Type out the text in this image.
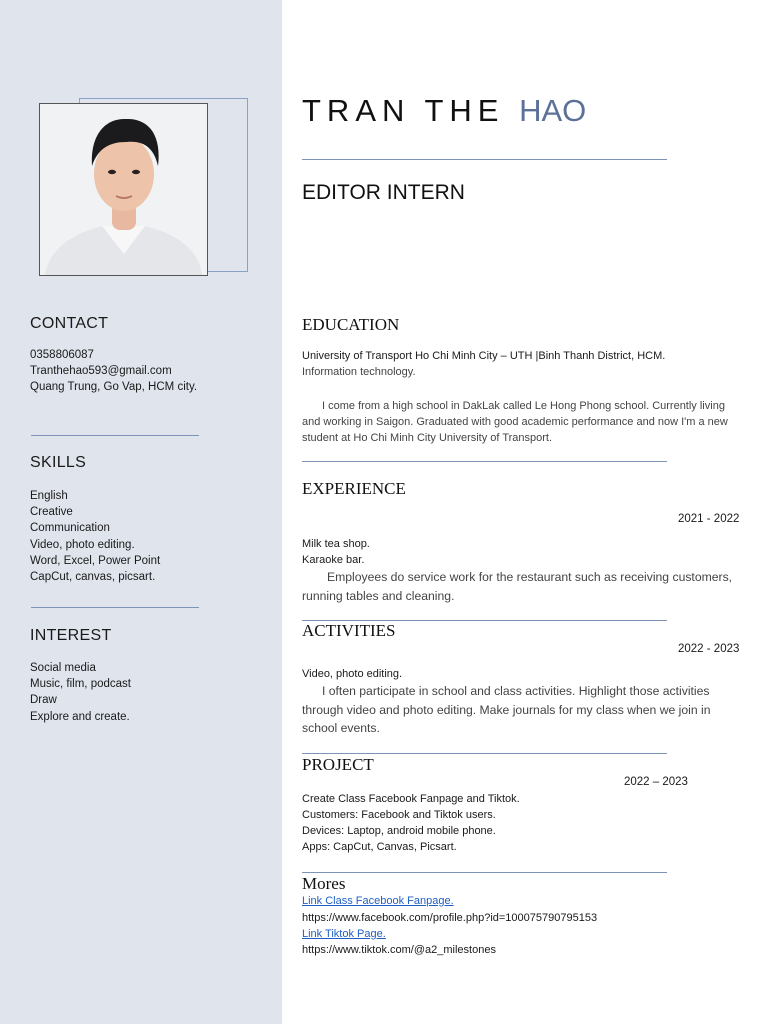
CONTACT
0358806087
Tranthehao593@gmail.com
Quang Trung, Go Vap, HCM city.
SKILLS
English
Creative
Communication
Video, photo editing.
Word, Excel, Power Point
CapCut, canvas, picsart.
INTEREST
Social media
Music, film, podcast
Draw
Explore and create.
TRAN THE HAO
EDITOR INTERN
EDUCATION
University of Transport Ho Chi Minh City – UTH |Binh Thanh District, HCM.
Information technology.
I come from a high school in DakLak called Le Hong Phong school. Currently living and working in Saigon. Graduated with good academic performance and now I'm a new student at Ho Chi Minh City University of Transport.
EXPERIENCE
2021 - 2022
Milk tea shop.
Karaoke bar.
Employees do service work for the restaurant such as receiving customers, running tables and cleaning.
ACTIVITIES
2022 - 2023
Video, photo editing.
I often participate in school and class activities. Highlight those activities through video and photo editing. Make journals for my class when we join in school events.
PROJECT
2022 – 2023
Create Class Facebook Fanpage and Tiktok.
Customers: Facebook and Tiktok users.
Devices: Laptop, android mobile phone.
Apps: CapCut, Canvas, Picsart.
Mores
Link Class Facebook Fanpage.
https://www.facebook.com/profile.php?id=100075790795153
Link Tiktok Page.
https://www.tiktok.com/@a2_milestones
